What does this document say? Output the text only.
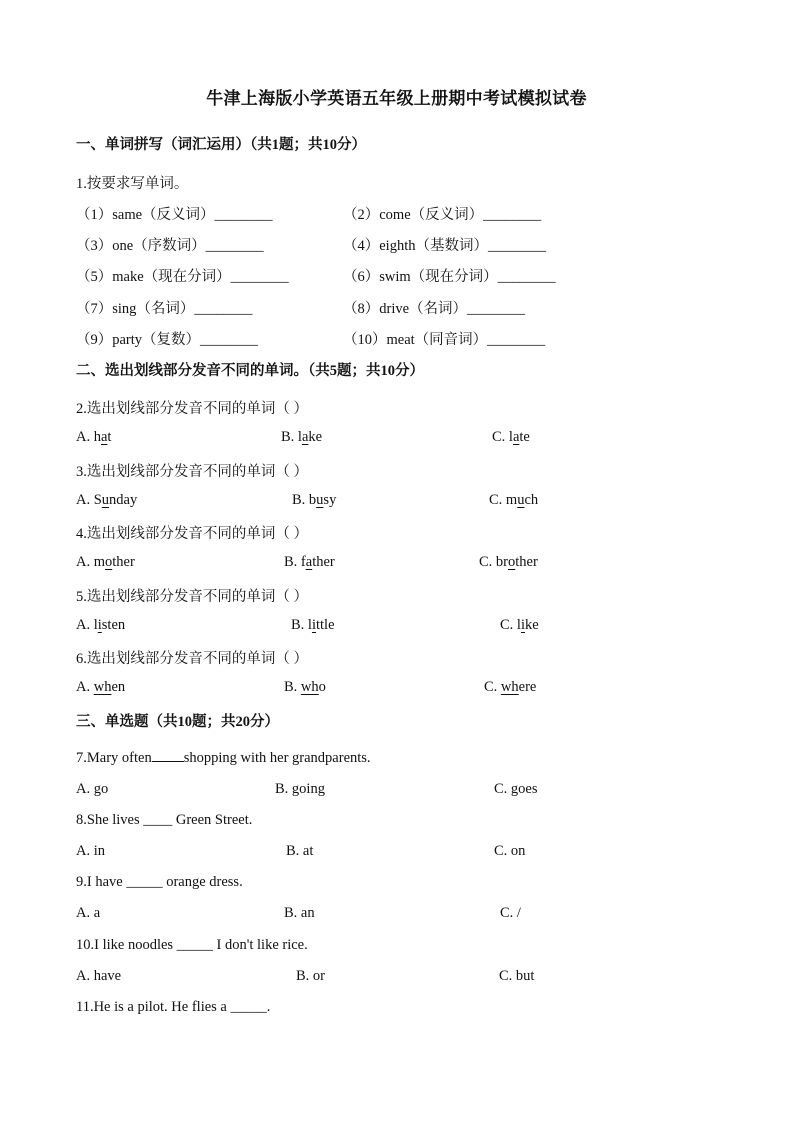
牛津上海版小学英语五年级上册期中考试模拟试卷
一、单词拼写（词汇运用）（共1题；共10分）
1.按要求写单词。
（1）same（反义词）________	（2）come（反义词）________
（3）one（序数词）________	（4）eighth（基数词）________
（5）make（现在分词）________	（6）swim（现在分词）________
（7）sing（名词）________	（8）drive（名词）________
（9）party（复数）________	（10）meat（同音词）________
二、选出划线部分发音不同的单词。（共5题；共10分）
2.选出划线部分发音不同的单词（ ）
A. hat	B. lake	C. late
3.选出划线部分发音不同的单词（ ）
A. Sunday	B. busy	C. much
4.选出划线部分发音不同的单词（ ）
A. mother	B. father	C. brother
5.选出划线部分发音不同的单词（ ）
A. listen	B. little	C. like
6.选出划线部分发音不同的单词（ ）
A. when	B. who	C. where
三、单选题（共10题；共20分）
7.Mary often shopping with her grandparents.
A. go	B. going	C. goes
8.She lives ____ Green Street.
A. in	B. at	C. on
9.I have _____ orange dress.
A. a	B. an	C. /
10.I like noodles _____ I don't like rice.
A. have	B. or	C. but
11.He is a pilot. He flies a _____.
